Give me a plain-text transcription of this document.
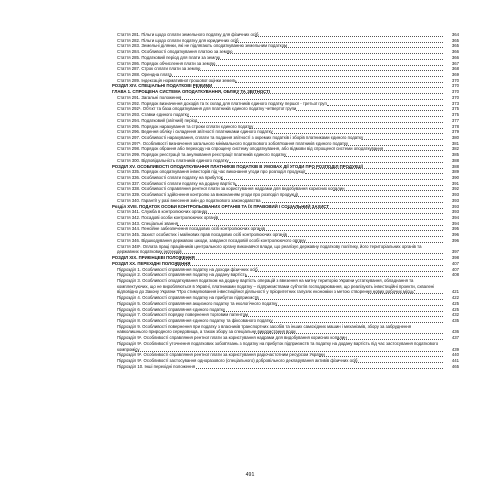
Стаття 281. Пільги щодо сплати земельного податку для фізичних осіб	364
Стаття 282. Пільги щодо сплати податку для юридичних осіб	365
Стаття 283. Земельні ділянки, які не підлягають оподаткуванню земельним податком	365
Стаття 284. Особливості оподаткування платою за землю	366
Стаття 285. Податковий період для плати за землю	366
Стаття 286. Порядок обчислення плати за землю	367
Стаття 287. Строк сплати плати за землю	368
Стаття 288. Орендна плата	369
Стаття 289. Індексація нормативної грошової оцінки земель	370
РОЗДІЛ XIV. СПЕЦІАЛЬНІ ПОДАТКОВІ РЕЖИМИ	370
ГЛАВА 1. СПРОЩЕНА СИСТЕМА ОПОДАТКУВАННЯ, ОБЛІКУ ТА ЗВІТНОСТІ	370
Стаття 291. Загальні положення	370
Стаття 292. Порядок визначення доходів та їх склад для платників єдиного податку першої - третьої груп	373
Стаття 292¹. Об'єкт та база оподаткування для платників єдиного податку четвертої групи	375
Стаття 293. Ставки єдиного податку	375
Стаття 294. Податковий (звітний) період	377
Стаття 295. Порядок нарахування та строки сплати єдиного податку	378
Стаття 296. Ведення обліку і складення звітності платниками єдиного податку	379
Стаття 297. Особливості нарахування, сплати та подання звітності з окремих податків і зборів платниками єдиного податку	380
Стаття 297¹. Особливості визначення загального мінімального податкового зобов'язання платників єдиного податку	381
Стаття 298. Порядок обрання або переходу на спрощену систему оподаткування, або відмови від спрощеної системи оподаткування	382
Стаття 299. Порядок реєстрації та анулювання реєстрації платників єдиного податку	385
Стаття 300. Відповідальність платників єдиного податку	388
РОЗДІЛ XV. ОСОБЛИВОСТІ ОПОДАТКУВАННЯ ПЛАТНИКІВ ПОДАТКІВ В УМОВАХ ДІЇ УГОДИ ПРО РОЗПОДІЛ ПРОДУКЦІЇ	388
Стаття 335. Порядок оподаткування інвесторів під час виконання угоди про розподіл продукції	389
Стаття 336. Особливості сплати податку на прибуток	390
Стаття 337. Особливості сплати податку на додану вартість	391
Стаття 338. Особливості справляння рентної плати за користування надрами для видобування корисних копалин	392
Стаття 339. Особливості здійснення контролю за виконанням угоди про розподіл продукції	393
Стаття 340. Гарантії у разі внесення змін до податкового законодавства	393
Розділ XVIII. ПОДАТОК ОСОБИ КОНТРОЛЬОВАНИХ ОРГАНІВ ТА ЇХ ПРАВОВИЙ І СОЦІАЛЬНИЙ ЗАХИСТ	393
Стаття 341. Служба в контролюючих органах	393
Стаття 342. Посадові особи контролюючих органів	394
Стаття 343. Спеціальні звання	394
Стаття 344. Пенсійне забезпечення посадових осіб контролюючих органів	395
Стаття 345. Захист особистих і майнових прав посадових осіб контролюючих органів	396
Стаття 346. Відшкодування державою шкоди, завданої посадовій особі контролюючого органу	396
Стаття 348¹. Оплата праці працівників центрального органу виконавчої влади, що реалізує державну податкову політику, його територіальних органів та державних податкових інспекцій	397
РОЗДІЛ XIX. ПРИКІНЦЕВІ ПОЛОЖЕННЯ	398
РОЗДІЛ XX. ПЕРЕХІДНІ ПОЛОЖЕННЯ	407
Підрозділ 1. Особливості справляння податку на доходи фізичних осіб	407
Підрозділ 2. Особливості справляння податку на додану вартість	408
Підрозділ 3. Особливості оподаткування податком на додану вартість операцій з ввезення на митну територію України устаткування, обладнання та комплектуючих, що не виробляються в Україні, платниками податку – підприємствами суб'єктів господарювання, що реалізують інвестиційні проекти, схвалені відповідно до Закону України "Про стимулювання інвестиційної діяльності у пріоритетних галузях економіки з метою створення нових робочих місць"	421
Підрозділ 4. Особливості справляння податку на прибуток підприємств	422
Підрозділ 5. Особливості справляння акцизного податку та екологічного податку	425
Підрозділ 6. Особливості справляння єдиного податку	425
Підрозділ 7. Особливості порядку повернення торговим патентом	432
Підрозділ 8. Особливості справляння єдиного податку та фіксованого податку	435
Підрозділ 9. Особливості повернення при податку з власників транспортних засобів та інших самохідних машин і механізмів, збору за забруднення навколишнього природного середовища, а також збору за спеціальне використання води	436
Підрозділ 9¹. Особливості справляння рентної плати за користування надрами для видобування корисних копалин	437
Підрозділ 9¹. Особливості уточнення податкових зобов'язань з податку на прибуток підприємств та податку на додану вартість під час застосування податкового компромісу	439
Підрозділ 9². Особливості справляння рентної плати за користування радіочастотним ресурсом України	440
Підрозділ 9³. Особливості застосування одноразового (спеціального) добровільного декларування активів фізичних осіб	441
Підрозділ 10. Інші перехідні положення	465
491
